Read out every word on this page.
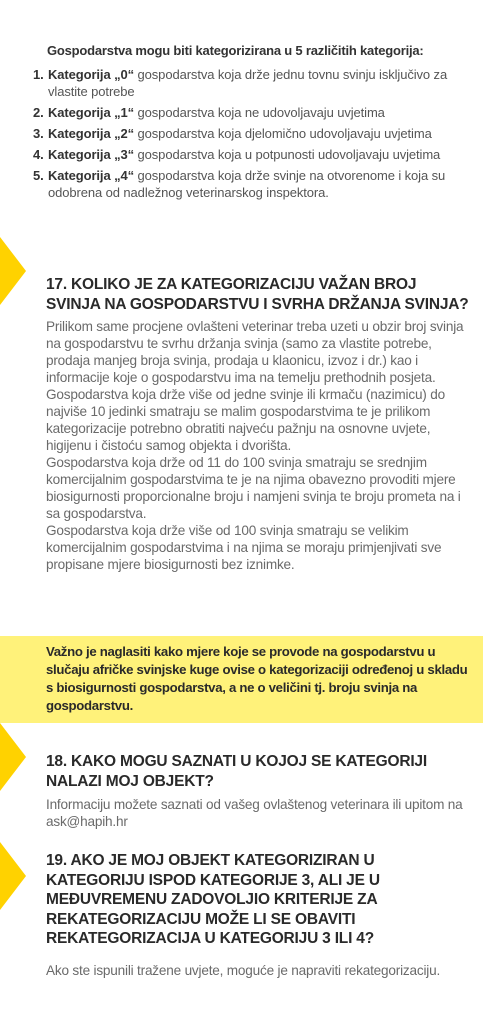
Gospodarstva mogu biti kategorizirana u 5 različitih kategorija:
1. Kategorija „0“ gospodarstva koja drže jednu tovnu svinju isključivo za vlastite potrebe
2. Kategorija „1“ gospodarstva koja ne udovoljavaju uvjetima
3. Kategorija „2“ gospodarstva koja djelomično udovoljavaju uvjetima
4. Kategorija „3“ gospodarstva koja u potpunosti udovoljavaju uvjetima
5. Kategorija „4“ gospodarstva koja drže svinje na otvorenome i koja su odobrena od nadležnog veterinarskog inspektora.
17. KOLIKO JE ZA KATEGORIZACIJU VAŽAN BROJ SVINJA NA GOSPODARSTVU I SVRHA DRŽANJA SVINJA?

Prilikom same procjene ovlašteni veterinar treba uzeti u obzir broj svinja na gospodarstvu te svrhu držanja svinja (samo za vlastite potrebe, prodaja manjeg broja svinja, prodaja u klaonicu, izvoz i dr.) kao i informacije koje o gospodarstvu ima na temelju prethodnih posjeta.

Gospodarstva koja drže više od jedne svinje ili krmaču (nazimicu) do najviše 10 jedinki smatraju se malim gospodarstvima te je prilikom kategorizacije potrebno obratiti najveću pažnju na osnovne uvjete, higijenu i čistoću samog objekta i dvorišta.

Gospodarstva koja drže od 11 do 100 svinja smatraju se srednjim komercijalnim gospodarstvima te je na njima obavezno provoditi mjere biosigurnosti proporcionalne broju i namjeni svinja te broju prometa na i sa gospodarstva.

Gospodarstva koja drže više od 100 svinja smatraju se velikim komercijalnim gospodarstvima i na njima se moraju primjenjivati sve propisane mjere biosigurnosti bez iznimke.

Važno je naglasiti kako mjere koje se provode na gospodarstvu u slučaju afričke svinjske kuge ovise o kategorizaciji određenoj u skladu s biosigurnosti gospodarstva, a ne o veličini tj. broju svinja na gospodarstvu.
18. KAKO MOGU SAZNATI U KOJOJ SE KATEGORIJI NALAZI MOJ OBJEKT?
Informaciju možete saznati od vašeg ovlaštenog veterinara ili upitom na ask@hapih.hr
19. AKO JE MOJ OBJEKT KATEGORIZIRAN U KATEGORIJU ISPOD KATEGORIJE 3, ALI JE U MEĐUVREMENU ZADOVOLJIO KRITERIJE ZA REKATEGORIZACIJU MOŽE LI SE OBAVITI REKATEGORIZACIJA U KATEGORIJU 3 ILI 4?
Ako ste ispunili tražene uvjete, moguće je napraviti rekategorizaciju.
